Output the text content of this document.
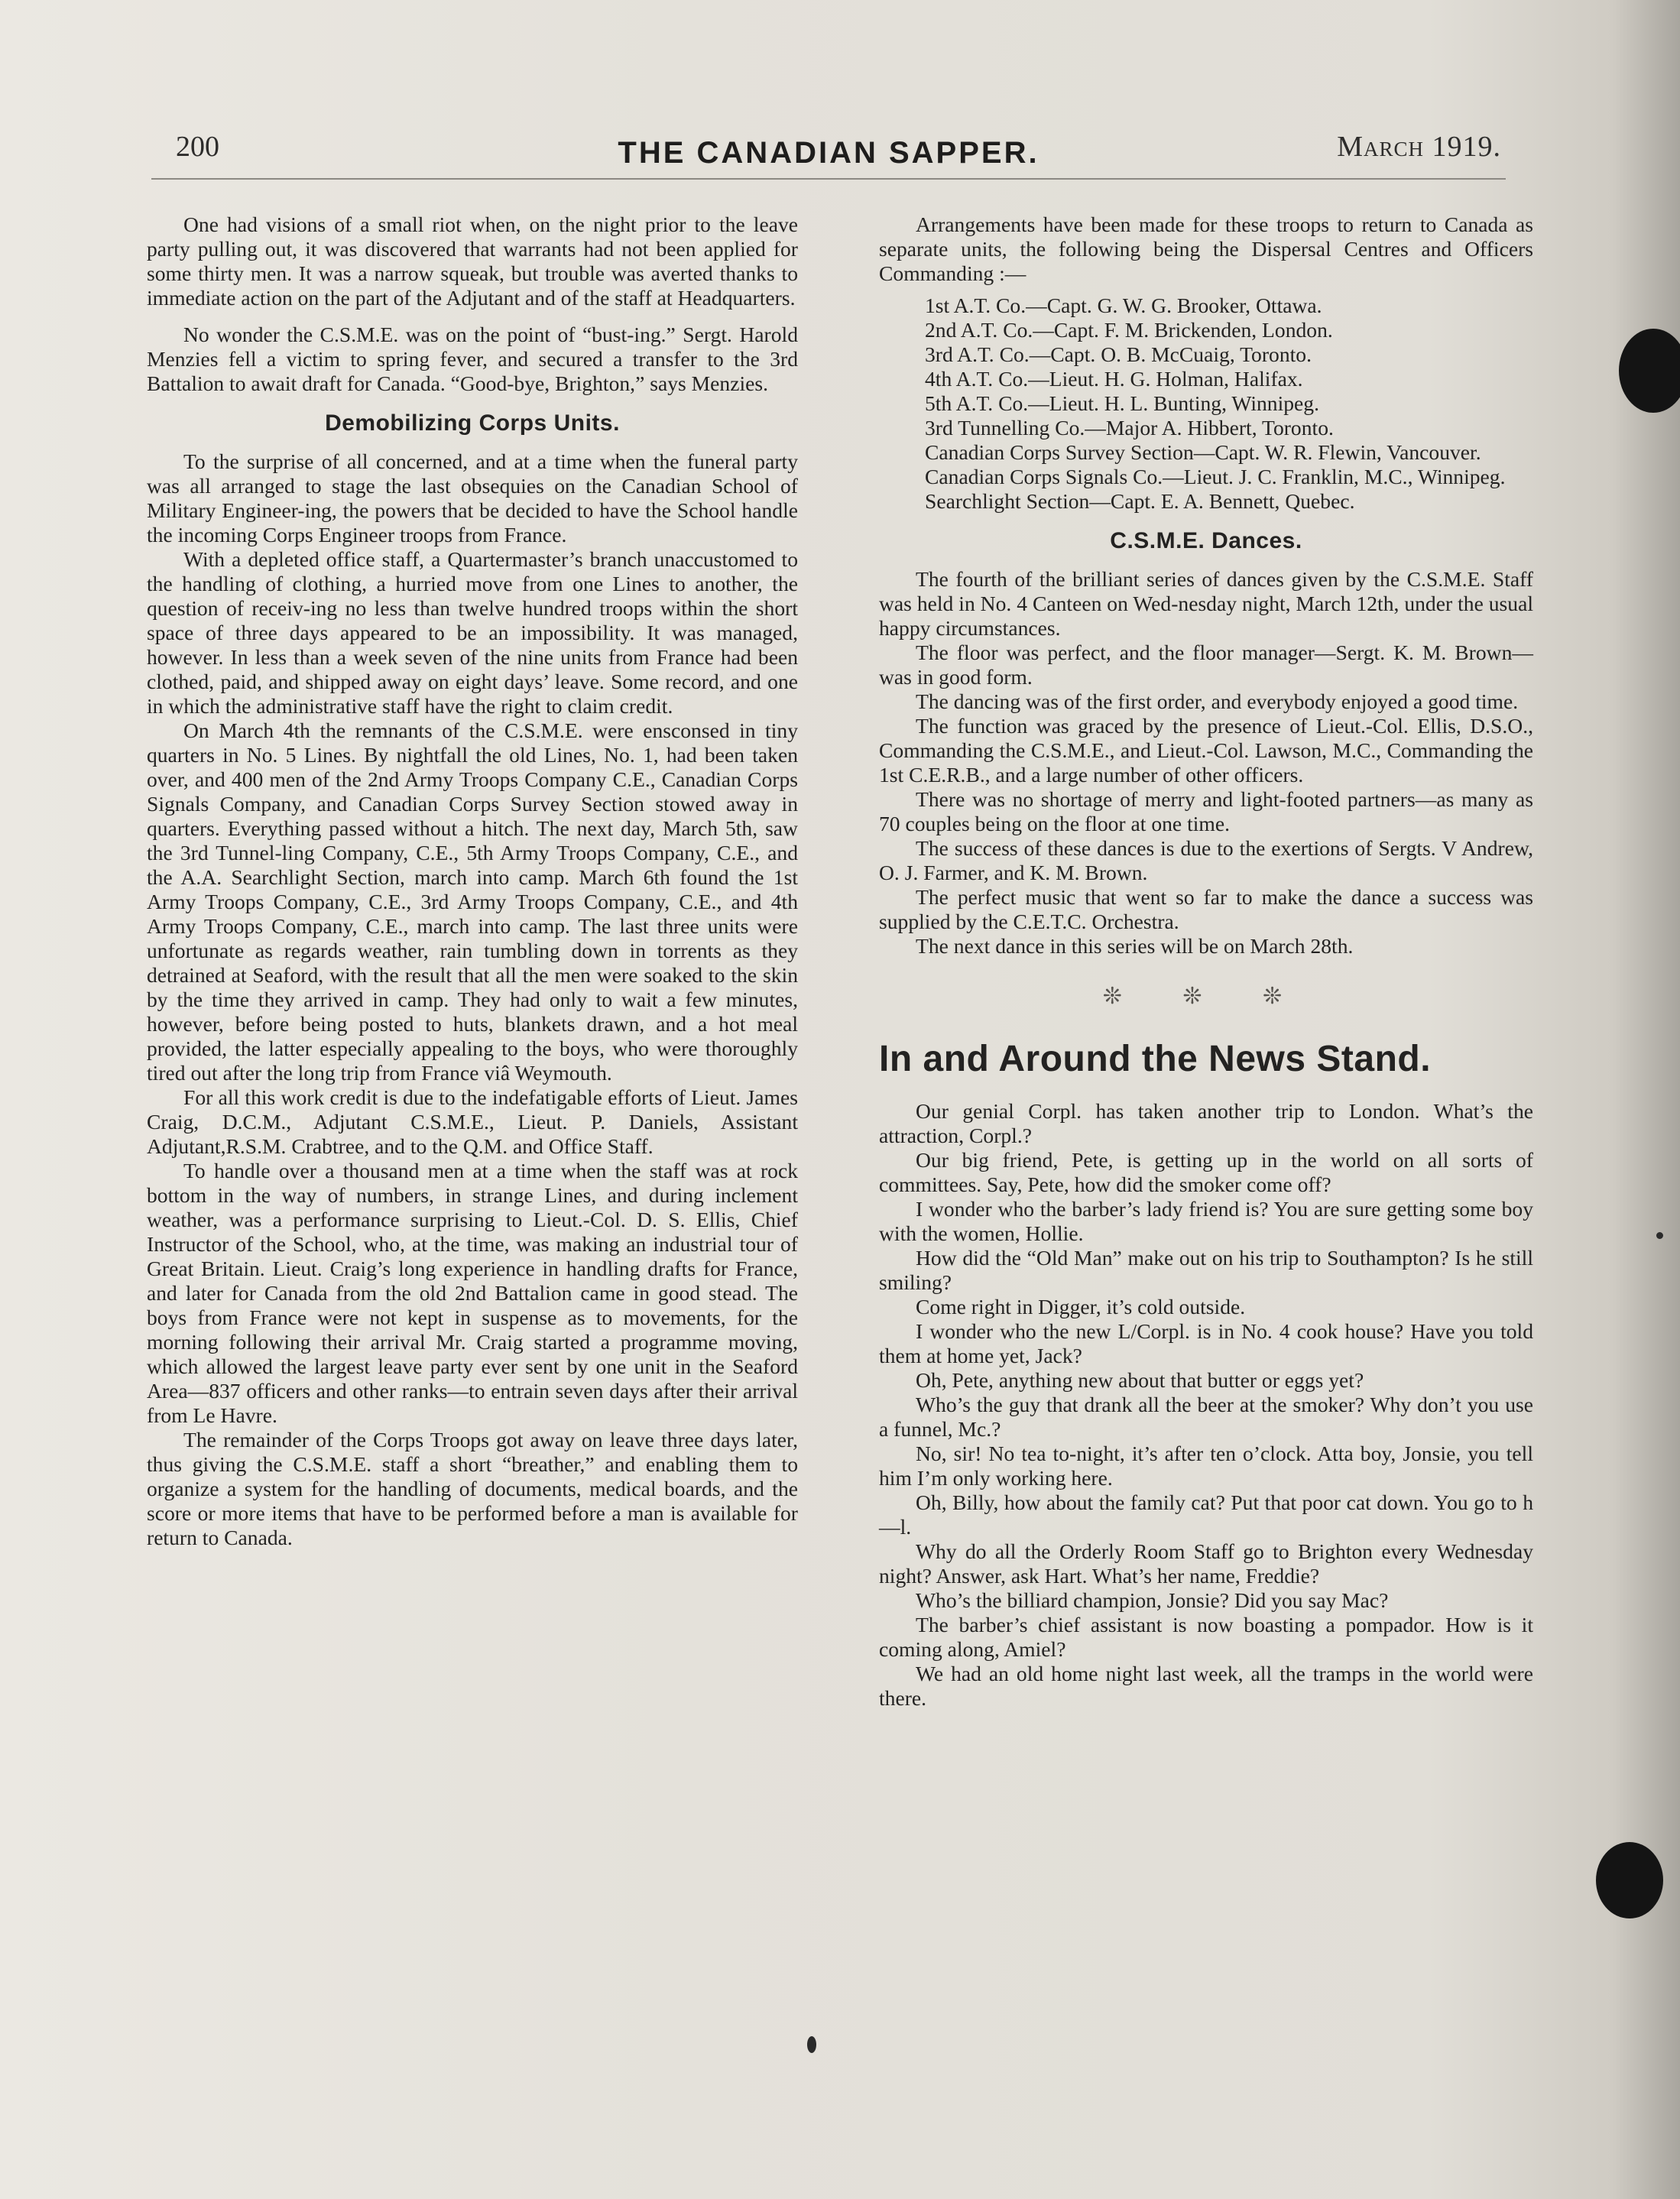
200	THE CANADIAN SAPPER.	March 1919.

One had visions of a small riot when, on the night prior to the leave party pulling out, it was discovered that warrants had not been applied for some thirty men. It was a narrow squeak, but trouble was averted thanks to immediate action on the part of the Adjutant and of the staff at Headquarters.

No wonder the C.S.M.E. was on the point of “bust-ing.” Sergt. Harold Menzies fell a victim to spring fever, and secured a transfer to the 3rd Battalion to await draft for Canada. “Good-bye, Brighton,” says Menzies.

Demobilizing Corps Units.

To the surprise of all concerned, and at a time when the funeral party was all arranged to stage the last obsequies on the Canadian School of Military Engineer-ing, the powers that be decided to have the School handle the incoming Corps Engineer troops from France.

With a depleted office staff, a Quartermaster’s branch unaccustomed to the handling of clothing, a hurried move from one Lines to another, the question of receiv-ing no less than twelve hundred troops within the short space of three days appeared to be an impossibility. It was managed, however. In less than a week seven of the nine units from France had been clothed, paid, and shipped away on eight days’ leave. Some record, and one in which the administrative staff have the right to claim credit.

On March 4th the remnants of the C.S.M.E. were ensconsed in tiny quarters in No. 5 Lines. By nightfall the old Lines, No. 1, had been taken over, and 400 men of the 2nd Army Troops Company C.E., Canadian Corps Signals Company, and Canadian Corps Survey Section stowed away in quarters. Everything passed without a hitch. The next day, March 5th, saw the 3rd Tunnel-ling Company, C.E., 5th Army Troops Company, C.E., and the A.A. Searchlight Section, march into camp. March 6th found the 1st Army Troops Company, C.E., 3rd Army Troops Company, C.E., and 4th Army Troops Company, C.E., march into camp. The last three units were unfortunate as regards weather, rain tumbling down in torrents as they detrained at Seaford, with the result that all the men were soaked to the skin by the time they arrived in camp. They had only to wait a few minutes, however, before being posted to huts, blankets drawn, and a hot meal provided, the latter especially appealing to the boys, who were thoroughly tired out after the long trip from France viâ Weymouth.

For all this work credit is due to the indefatigable efforts of Lieut. James Craig, D.C.M., Adjutant C.S.M.E., Lieut. P. Daniels, Assistant Adjutant,R.S.M. Crabtree, and to the Q.M. and Office Staff.

To handle over a thousand men at a time when the staff was at rock bottom in the way of numbers, in strange Lines, and during inclement weather, was a performance surprising to Lieut.-Col. D. S. Ellis, Chief Instructor of the School, who, at the time, was making an industrial tour of Great Britain. Lieut. Craig’s long experience in handling drafts for France, and later for Canada from the old 2nd Battalion came in good stead. The boys from France were not kept in suspense as to movements, for the morning following their arrival Mr. Craig started a programme moving, which allowed the largest leave party ever sent by one unit in the Seaford Area—837 officers and other ranks—to entrain seven days after their arrival from Le Havre.

The remainder of the Corps Troops got away on leave three days later, thus giving the C.S.M.E. staff a short “breather,” and enabling them to organize a system for the handling of documents, medical boards, and the score or more items that have to be performed before a man is available for return to Canada.

Arrangements have been made for these troops to return to Canada as separate units, the following being the Dispersal Centres and Officers Commanding :—

1st A.T. Co.—Capt. G. W. G. Brooker, Ottawa.
2nd A.T. Co.—Capt. F. M. Brickenden, London.
3rd A.T. Co.—Capt. O. B. McCuaig, Toronto.
4th A.T. Co.—Lieut. H. G. Holman, Halifax.
5th A.T. Co.—Lieut. H. L. Bunting, Winnipeg.
3rd Tunnelling Co.—Major A. Hibbert, Toronto.
Canadian Corps Survey Section—Capt. W. R. Flewin, Vancouver.
Canadian Corps Signals Co.—Lieut. J. C. Franklin, M.C., Winnipeg.
Searchlight Section—Capt. E. A. Bennett, Quebec.
C.S.M.E. Dances.

The fourth of the brilliant series of dances given by the C.S.M.E. Staff was held in No. 4 Canteen on Wed-nesday night, March 12th, under the usual happy circumstances.

The floor was perfect, and the floor manager—Sergt. K. M. Brown—was in good form.

The dancing was of the first order, and everybody enjoyed a good time.

The function was graced by the presence of Lieut.-Col. Ellis, D.S.O., Commanding the C.S.M.E., and Lieut.-Col. Lawson, M.C., Commanding the 1st C.E.R.B., and a large number of other officers.

There was no shortage of merry and light-footed partners—as many as 70 couples being on the floor at one time.

The success of these dances is due to the exertions of Sergts. V Andrew, O. J. Farmer, and K. M. Brown.

The perfect music that went so far to make the dance a success was supplied by the C.E.T.C. Orchestra.

The next dance in this series will be on March 28th.

❊ ❊ ❊
In and Around the News Stand.

Our genial Corpl. has taken another trip to London. What’s the attraction, Corpl.?

Our big friend, Pete, is getting up in the world on all sorts of committees. Say, Pete, how did the smoker come off?

I wonder who the barber’s lady friend is? You are sure getting some boy with the women, Hollie.

How did the “Old Man” make out on his trip to Southampton? Is he still smiling?

Come right in Digger, it’s cold outside.

I wonder who the new L/Corpl. is in No. 4 cook house? Have you told them at home yet, Jack?

Oh, Pete, anything new about that butter or eggs yet?

Who’s the guy that drank all the beer at the smoker? Why don’t you use a funnel, Mc.?

No, sir! No tea to-night, it’s after ten o’clock. Atta boy, Jonsie, you tell him I’m only working here.

Oh, Billy, how about the family cat? Put that poor cat down. You go to h—l.

Why do all the Orderly Room Staff go to Brighton every Wednesday night? Answer, ask Hart. What’s her name, Freddie?

Who’s the billiard champion, Jonsie? Did you say Mac?

The barber’s chief assistant is now boasting a pompador. How is it coming along, Amiel?

We had an old home night last week, all the tramps in the world were there.
